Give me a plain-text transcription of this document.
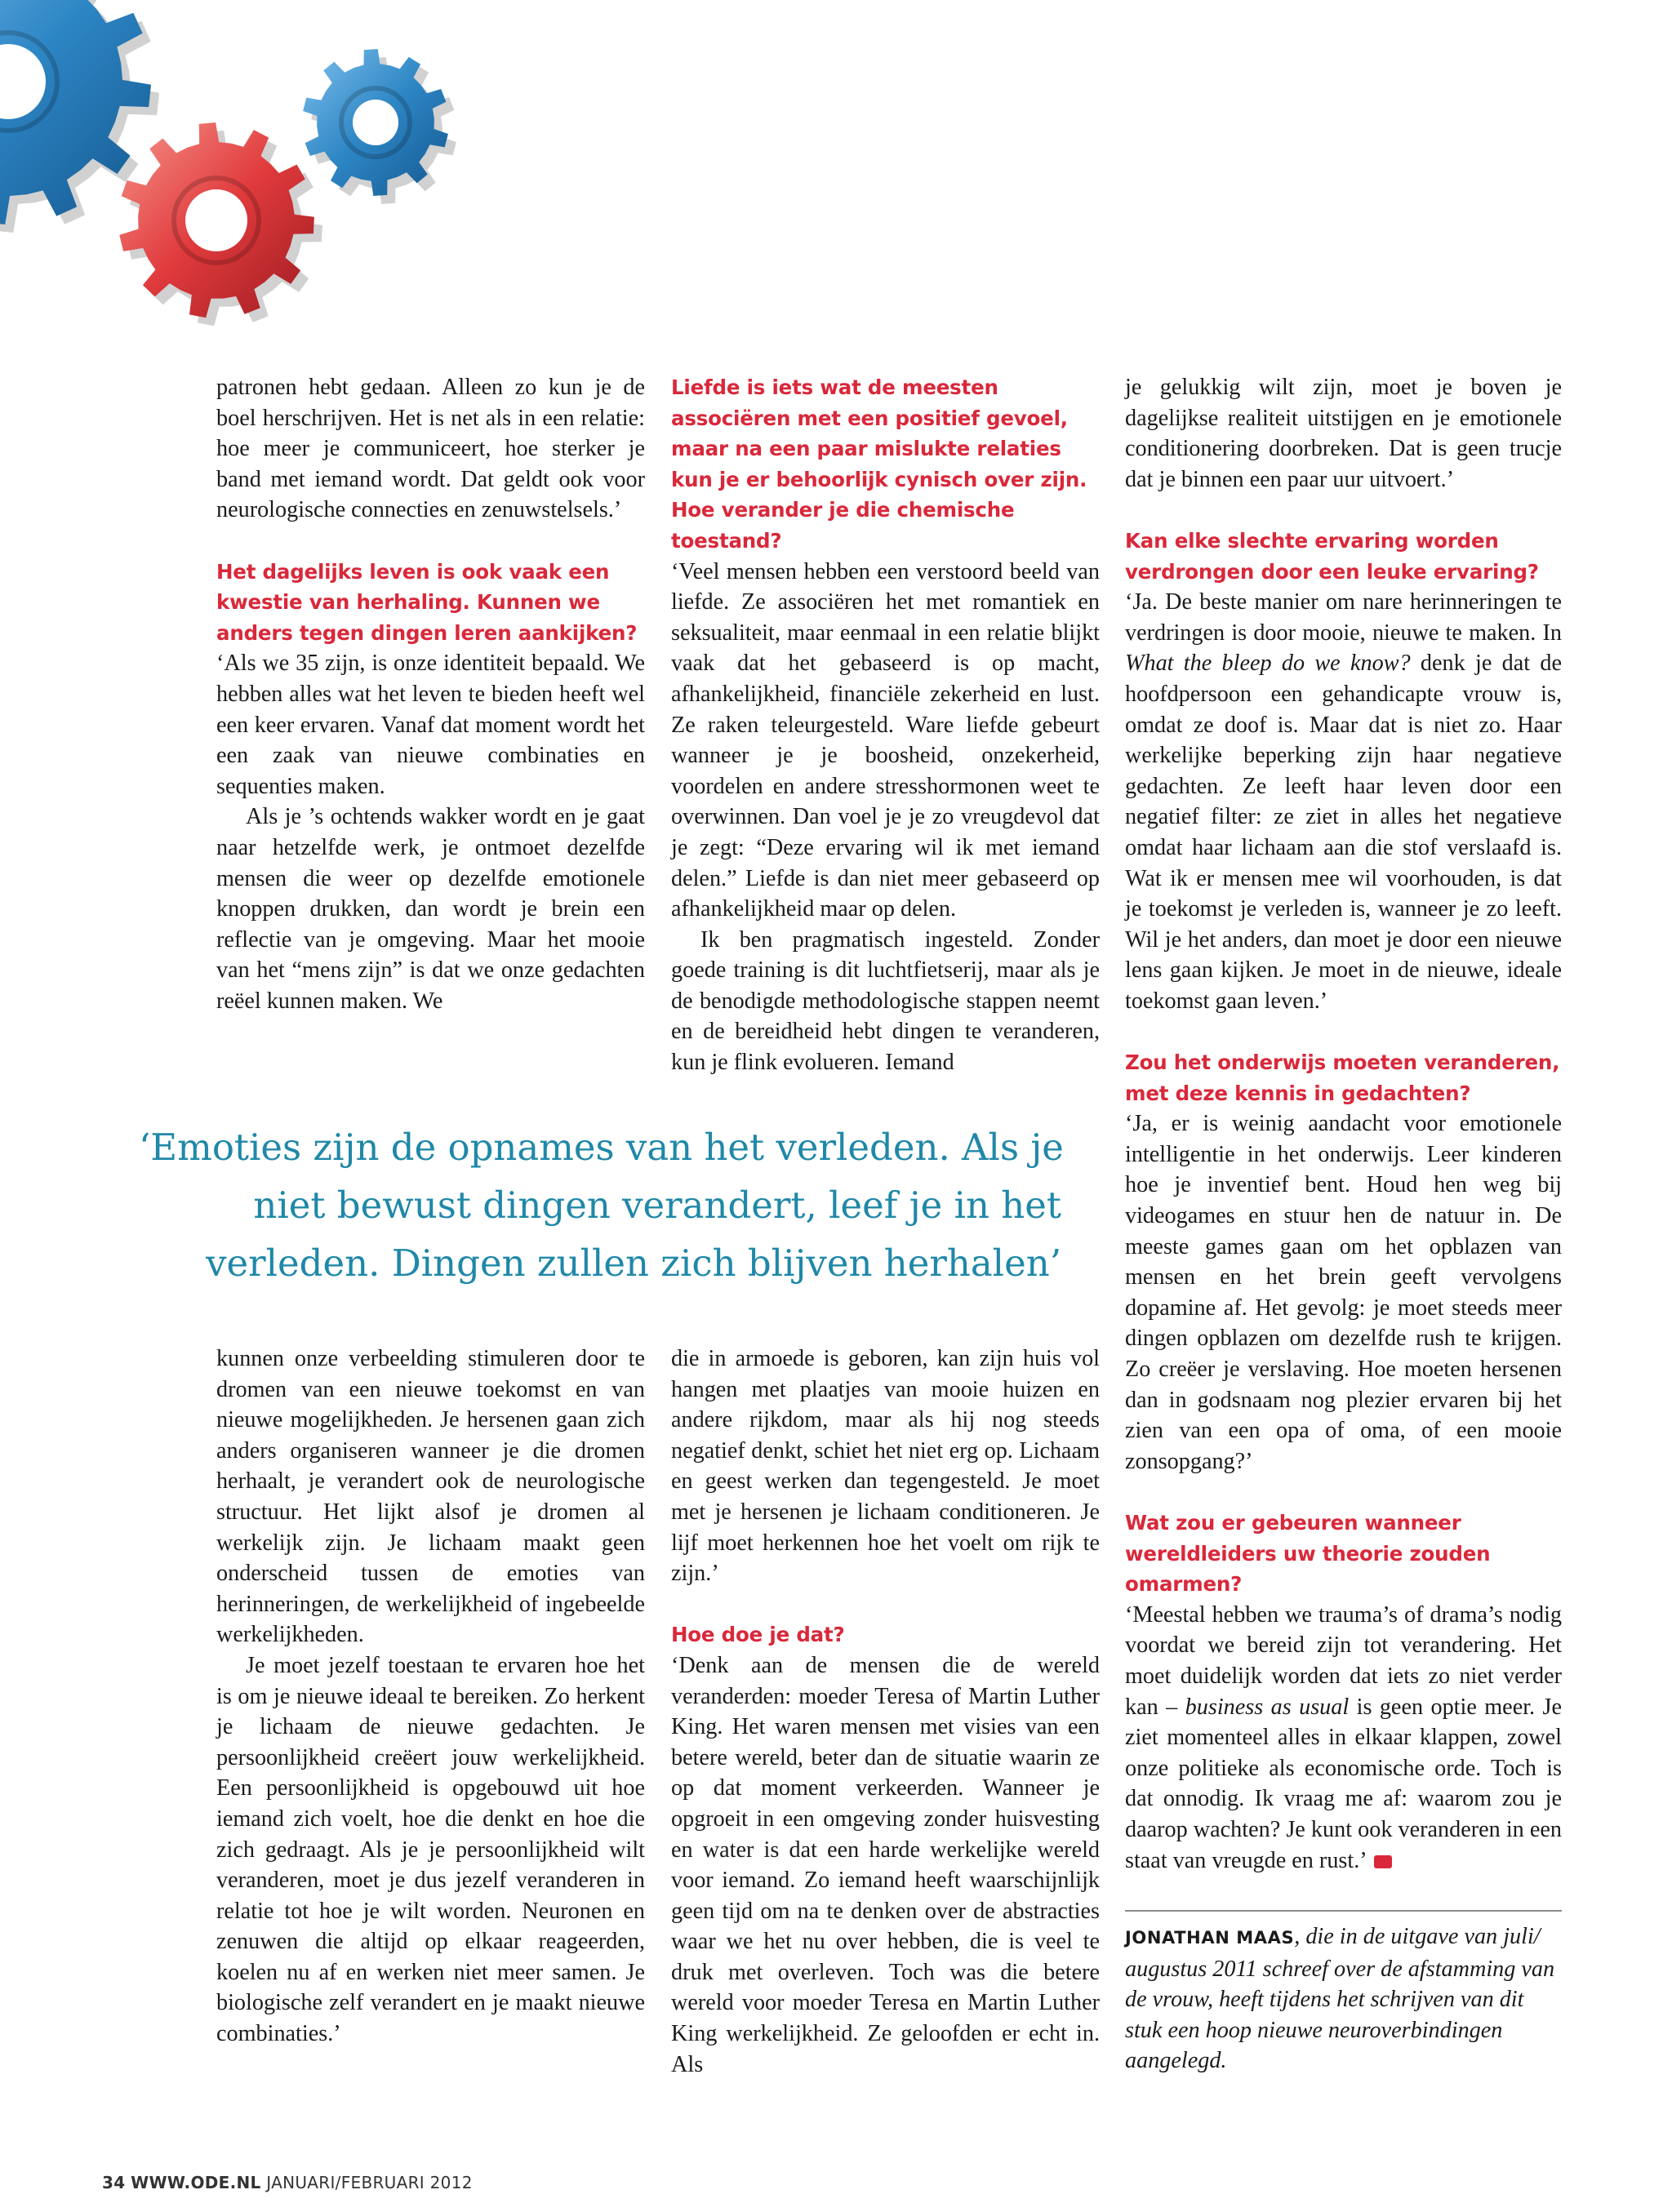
patronen hebt gedaan. Alleen zo kun je de boel herschrijven. Het is net als in een relatie: hoe meer je communiceert, hoe sterker je band met iemand wordt. Dat geldt ook voor neurologische connecties en zenuwstelsels.’

Het dagelijks leven is ook vaak een kwestie van herhaling. Kunnen we anders tegen dingen leren aankijken?

‘Als we 35 zijn, is onze identiteit bepaald. We hebben alles wat het leven te bieden heeft wel een keer ervaren. Vanaf dat moment wordt het een zaak van nieuwe combinaties en sequenties maken.

Als je ’s ochtends wakker wordt en je gaat naar hetzelfde werk, je ontmoet dezelfde mensen die weer op dezelfde emotionele knoppen drukken, dan wordt je brein een reflectie van je omgeving. Maar het mooie van het “mens zijn” is dat we onze gedachten reëel kunnen maken. We

Liefde is iets wat de meesten associëren met een positief gevoel, maar na een paar mislukte relaties kun je er behoorlijk cynisch over zijn. Hoe verander je die chemische toestand?

‘Veel mensen hebben een verstoord beeld van liefde. Ze associëren het met romantiek en seksualiteit, maar eenmaal in een relatie blijkt vaak dat het gebaseerd is op macht, afhankelijkheid, financiële zekerheid en lust. Ze raken teleurgesteld. Ware liefde gebeurt wanneer je je boosheid, onzekerheid, voordelen en andere stresshormonen weet te overwinnen. Dan voel je je zo vreugdevol dat je zegt: “Deze ervaring wil ik met iemand delen.” Liefde is dan niet meer gebaseerd op afhankelijkheid maar op delen.

Ik ben pragmatisch ingesteld. Zonder goede training is dit luchtfietserij, maar als je de benodigde methodologische stappen neemt en de bereidheid hebt dingen te veranderen, kun je flink evolueren. Iemand

‘Emoties zijn de opnames van het verleden. Als je
niet bewust dingen verandert, leef je in het
verleden. Dingen zullen zich blijven herhalen’

kunnen onze verbeelding stimuleren door te dromen van een nieuwe toekomst en van nieuwe mogelijkheden. Je hersenen gaan zich anders organiseren wanneer je die dromen herhaalt, je verandert ook de neurologische structuur. Het lijkt alsof je dromen al werkelijk zijn. Je lichaam maakt geen onderscheid tussen de emoties van herinneringen, de werkelijkheid of ingebeelde werkelijkheden.

Je moet jezelf toestaan te ervaren hoe het is om je nieuwe ideaal te bereiken. Zo herkent je lichaam de nieuwe gedachten. Je persoonlijkheid creëert jouw werkelijkheid. Een persoonlijkheid is opgebouwd uit hoe iemand zich voelt, hoe die denkt en hoe die zich gedraagt. Als je je persoonlijkheid wilt veranderen, moet je dus jezelf veranderen in relatie tot hoe je wilt worden. Neuronen en zenuwen die altijd op elkaar reageerden, koelen nu af en werken niet meer samen. Je biologische zelf verandert en je maakt nieuwe combinaties.’

die in armoede is geboren, kan zijn huis vol hangen met plaatjes van mooie huizen en andere rijkdom, maar als hij nog steeds negatief denkt, schiet het niet erg op. Lichaam en geest werken dan tegengesteld. Je moet met je hersenen je lichaam conditioneren. Je lijf moet herkennen hoe het voelt om rijk te zijn.’

Hoe doe je dat?

‘Denk aan de mensen die de wereld veranderden: moeder Teresa of Martin Luther King. Het waren mensen met visies van een betere wereld, beter dan de situatie waarin ze op dat moment verkeerden. Wanneer je opgroeit in een omgeving zonder huisvesting en water is dat een harde werkelijke wereld voor iemand. Zo iemand heeft waarschijnlijk geen tijd om na te denken over de abstracties waar we het nu over hebben, die is veel te druk met overleven. Toch was die betere wereld voor moeder Teresa en Martin Luther King werkelijkheid. Ze geloofden er echt in. Als

je gelukkig wilt zijn, moet je boven je dagelijkse realiteit uitstijgen en je emotionele conditionering doorbreken. Dat is geen trucje dat je binnen een paar uur uitvoert.’

Kan elke slechte ervaring worden verdrongen door een leuke ervaring?

‘Ja. De beste manier om nare herinneringen te verdringen is door mooie, nieuwe te maken. In What the bleep do we know? denk je dat de hoofdpersoon een gehandicapte vrouw is, omdat ze doof is. Maar dat is niet zo. Haar werkelijke beperking zijn haar negatieve gedachten. Ze leeft haar leven door een negatief filter: ze ziet in alles het negatieve omdat haar lichaam aan die stof verslaafd is. Wat ik er mensen mee wil voorhouden, is dat je toekomst je verleden is, wanneer je zo leeft. Wil je het anders, dan moet je door een nieuwe lens gaan kijken. Je moet in de nieuwe, ideale toekomst gaan leven.’

Zou het onderwijs moeten veranderen, met deze kennis in gedachten?

‘Ja, er is weinig aandacht voor emotionele intelligentie in het onderwijs. Leer kinderen hoe je inventief bent. Houd hen weg bij videogames en stuur hen de natuur in. De meeste games gaan om het opblazen van mensen en het brein geeft vervolgens dopamine af. Het gevolg: je moet steeds meer dingen opblazen om dezelfde rush te krijgen. Zo creëer je verslaving. Hoe moeten hersenen dan in godsnaam nog plezier ervaren bij het zien van een opa of oma, of een mooie zonsopgang?’

Wat zou er gebeuren wanneer wereldleiders uw theorie zouden omarmen?

‘Meestal hebben we trauma’s of drama’s nodig voordat we bereid zijn tot verandering. Het moet duidelijk worden dat iets zo niet verder kan – business as usual is geen optie meer. Je ziet momenteel alles in elkaar klappen, zowel onze politieke als economische orde. Toch is dat onnodig. Ik vraag me af: waarom zou je daarop wachten? Je kunt ook veranderen in een staat van vreugde en rust.’

JONATHAN MAAS, die in de uitgave van juli/ augustus 2011 schreef over de afstamming van de vrouw, heeft tijdens het schrijven van dit stuk een hoop nieuwe neuroverbindingen aangelegd.
34 WWW.ODE.NL JANUARI/FEBRUARI 2012
